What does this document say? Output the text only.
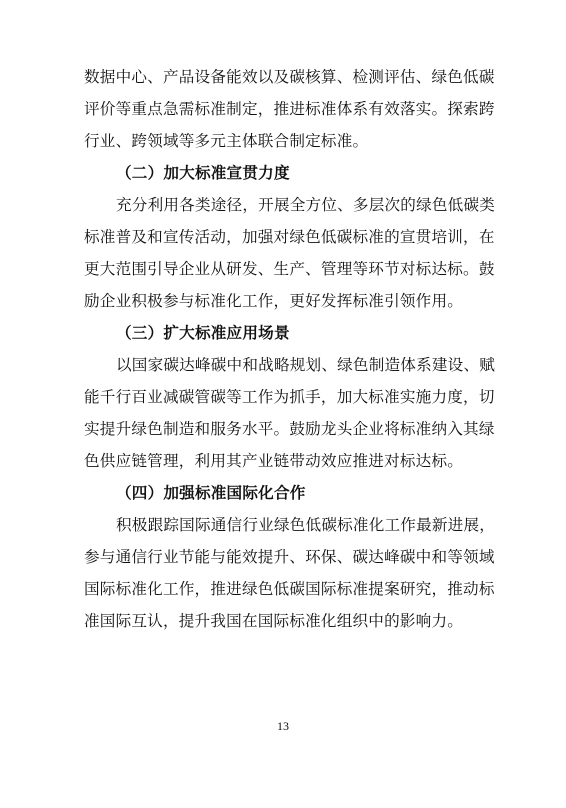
数据中心、产品设备能效以及碳核算、检测评估、绿色低碳
评价等重点急需标准制定，推进标准体系有效落实。探索跨
行业、跨领域等多元主体联合制定标准。
（二）加大标准宣贯力度
充分利用各类途径，开展全方位、多层次的绿色低碳类
标准普及和宣传活动，加强对绿色低碳标准的宣贯培训，在
更大范围引导企业从研发、生产、管理等环节对标达标。鼓
励企业积极参与标准化工作，更好发挥标准引领作用。
（三）扩大标准应用场景
以国家碳达峰碳中和战略规划、绿色制造体系建设、赋
能千行百业减碳管碳等工作为抓手，加大标准实施力度，切
实提升绿色制造和服务水平。鼓励龙头企业将标准纳入其绿
色供应链管理，利用其产业链带动效应推进对标达标。
（四）加强标准国际化合作
积极跟踪国际通信行业绿色低碳标准化工作最新进展，
参与通信行业节能与能效提升、环保、碳达峰碳中和等领域
国际标准化工作，推进绿色低碳国际标准提案研究，推动标
准国际互认，提升我国在国际标准化组织中的影响力。
13
